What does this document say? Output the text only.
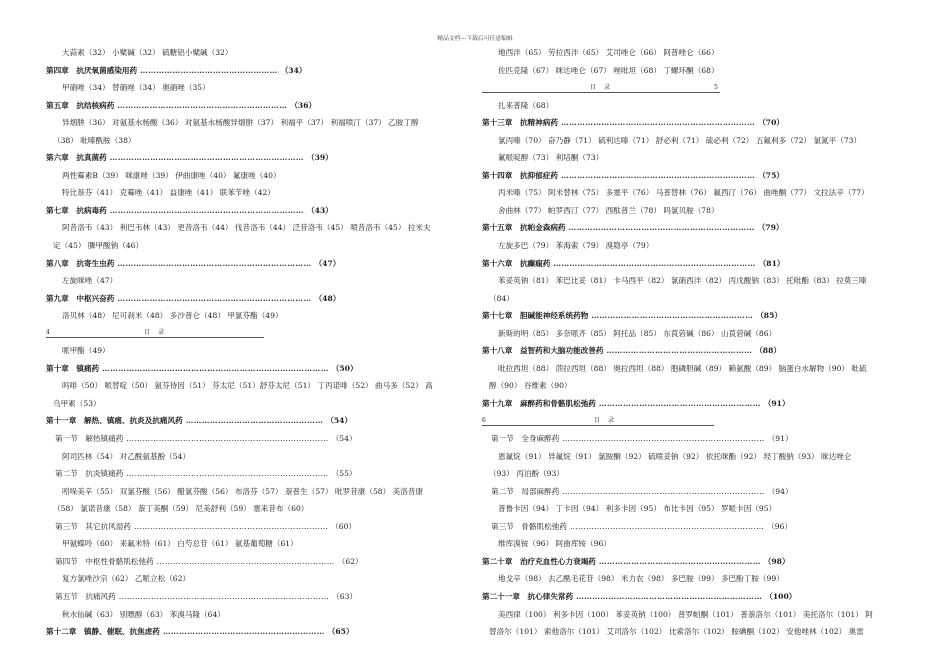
精品文档---下载后可任意编辑
大蒜素（32） 小檗碱（32） 硫糖铝小檗碱（32）
第四章　抗厌氧菌感染用药 …………………………………………… （34）
甲硝唑（34） 替硝唑（34） 奥硝唑（35）
第五章　抗结核病药 ……………………………………………………… （36）
异烟肼（36） 对氨基水杨酸（36） 对氨基水杨酸异烟肼（37） 利福平（37） 利福喷汀（37） 乙胺丁醇
（38） 吡嗪酰胺（38）
第六章　抗真菌药 ……………………………………………………………… （39）
两性霉素B（39） 咪康唑（39） 伊曲康唑（40） 氟康唑（40）
特比萘芬（41） 克霉唑（41） 益康唑（41） 联苯苄唑（42）
第七章　抗病毒药 ……………………………………………………………… （43）
阿昔洛韦（43） 利巴韦林（43） 更昔洛韦（44） 伐昔洛韦（44） 泛昔洛韦（45） 喷昔洛韦（45） 拉米夫
定（45） 膦甲酸钠（46）
第八章　抗寄生虫药 ……………………………………………………………… （47）
左旋咪唑（47）
第九章　中枢兴奋药 ……………………………………………………………… （48）
洛贝林（48） 尼可刹米（48） 多沙普仑（48） 甲氯芬酯（49）
4	目　录
哌甲酯（49）
第十章　镇痛药 ………………………………………………………………………… （50）
吗啡（50） 哌替啶（50） 氨芬待因（51） 芬太尼（51）舒芬太尼（51） 丁丙诺啡（52） 曲马多（52） 高
乌甲素（53）
第十一章　解热、镇痛、抗炎及抗痛风药 …………………………………………… （54）
第一节　解热镇痛药 ………………………………………………………………… （54）
阿司匹林（54） 对乙酰氨基酚（54）
第二节　抗炎镇痛药 ………………………………………………………………… （55）
吲哚美辛（55） 双氯芬酸（56） 醋氯芬酸（56） 布洛芬（57） 萘普生（57） 吡罗昔康（58） 美洛昔康
（58） 氯诺昔康（58） 萘丁美酮（59） 尼美舒利（59） 塞来昔布（60）
第三节　其它抗风湿药 ……………………………………………………………… （60）
甲氨蝶呤（60） 来氟米特（61） 白芍总苷（61） 氨基葡萄糖（61）
第四节　中枢性骨骼肌松弛药 ………………………………………………………… （62）
复方氯唑沙宗（62） 乙哌立松（62）
第五节　抗痛风药 …………………………………………………………………… （63）
秋水仙碱（63） 别嘌醇（63） 苯溴马隆（64）
第十二章　镇静、催眠、抗焦虑药 …………………………………………………… （65）
地西泮（65） 劳拉西泮（65） 艾司唑仑（66） 阿普唑仑（66）
佐匹克隆（67） 咪达唑仑（67） 唑吡坦（68） 丁螺环酮（68）
5
目　录
扎来普隆（68）
第十三章　抗精神病药 ……………………………………………………………… （70）
氯丙嗪（70） 奋乃静（71） 硫利达嗪（71） 舒必利（71） 硫必利（72） 五氟利多（72） 氯氮平（73）
氟哌啶醇（73） 利培酮（73）
第十四章　抗抑郁症药 ……………………………………………………………… （75）
丙米嗪（75） 阿米替林（75） 多塞平（76） 马普替林（76） 氟西汀（76） 曲唑酮（77） 文拉法辛（77）
舍曲林（77） 帕罗西汀（77） 西酞普兰（78） 吗氯贝胺（78）
第十五章　抗帕金森病药 …………………………………………………………… （79）
左旋多巴（79） 苯海索（79） 溴隐亭（79）
第十六章　抗癫痫药 ………………………………………………………………… （81）
苯妥英钠（81） 苯巴比妥（81） 卡马西平（82） 氯硝西泮（82） 丙戊酸钠（83） 托吡酯（83） 拉莫三嗪
（84）
第十七章　胆碱能神经系统药物 …………………………………………………… （85）
新斯的明（85） 多奈哌齐（85） 阿托品（85） 东莨菪碱（86） 山莨菪碱（86）
第十八章　益智药和大脑功能改善药 ……………………………………………… （88）
吡拉西坦（88） 茴拉西坦（88） 奥拉西坦（88） 胞磷胆碱（89） 赖氨酸（89） 脑蛋白水解物（90） 吡硫
醇（90） 谷维素（90）
第十九章　麻醉药和骨骼肌松弛药 …………………………………………………… （91）
6	目　录
第一节　全身麻醉药 ………………………………………………………………… （91）
恩氟烷（91） 异氟烷（91） 氯胺酮（92） 硫喷妥钠（92） 依托咪酯（92） 羟丁酸钠（93） 咪达唑仑
（93） 丙泊酚（93）
第二节　局部麻醉药 ………………………………………………………………… （94）
普鲁卡因（94） 丁卡因（94） 利多卡因（95） 布比卡因（95） 罗哌卡因（95）
第三节　骨骼肌松弛药 ……………………………………………………………… （96）
维库溴铵（96） 阿曲库铵（96）
第二十章　治疗充血性心力衰竭药 …………………………………………………… （98）
地戈辛（98） 去乙酰毛花苷（98） 米力农（98） 多巴胺（99） 多巴酚丁胺（99）
第二十一章　抗心律失常药 …………………………………………………………… （100）
美西律（100） 利多卡因（100） 苯妥英钠（100） 普罗帕酮（101） 普萘洛尔（101） 美托洛尔（101） 阿
替洛尔（101） 索他洛尔（101） 艾司洛尔（102） 比索洛尔（102） 胺碘酮（102） 安他唑林（102） 奥雷
